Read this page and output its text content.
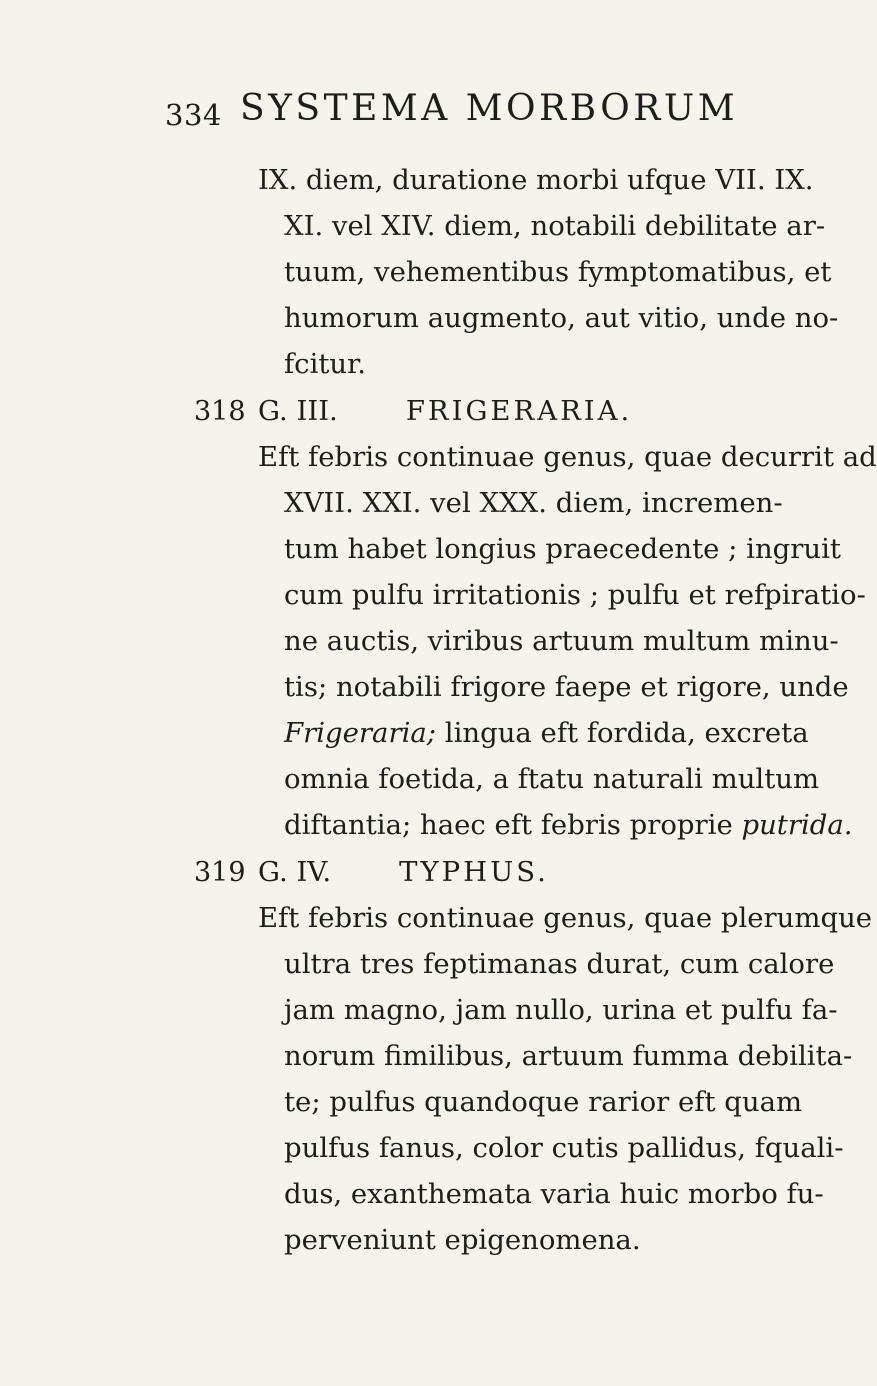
334 SYSTEMA MORBORUM
IX. diem, duratione morbi ufque VII. IX.
XI. vel XIV. diem, notabili debilitate ar-
tuum, vehementibus fymptomatibus, et
humorum augmento, aut vitio, unde no-
fcitur.
318 G. III. FRIGERARIA.
Eft febris continuae genus, quae decurrit ad
XVII. XXI. vel XXX. diem, incremen-
tum habet longius praecedente ; ingruit
cum pulfu irritationis ; pulfu et refpiratio-
ne auctis, viribus artuum multum minu-
tis; notabili frigore faepe et rigore, unde
Frigeraria; lingua eft fordida, excreta
omnia foetida, a ftatu naturali multum
diftantia; haec eft febris proprie putrida.
319 G. IV. TYPHUS.
Eft febris continuae genus, quae plerumque
ultra tres feptimanas durat, cum calore
jam magno, jam nullo, urina et pulfu fa-
norum fimilibus, artuum fumma debilita-
te; pulfus quandoque rarior eft quam
pulfus fanus, color cutis pallidus, fquali-
dus, exanthemata varia huic morbo fu-
perveniunt epigenomena.
